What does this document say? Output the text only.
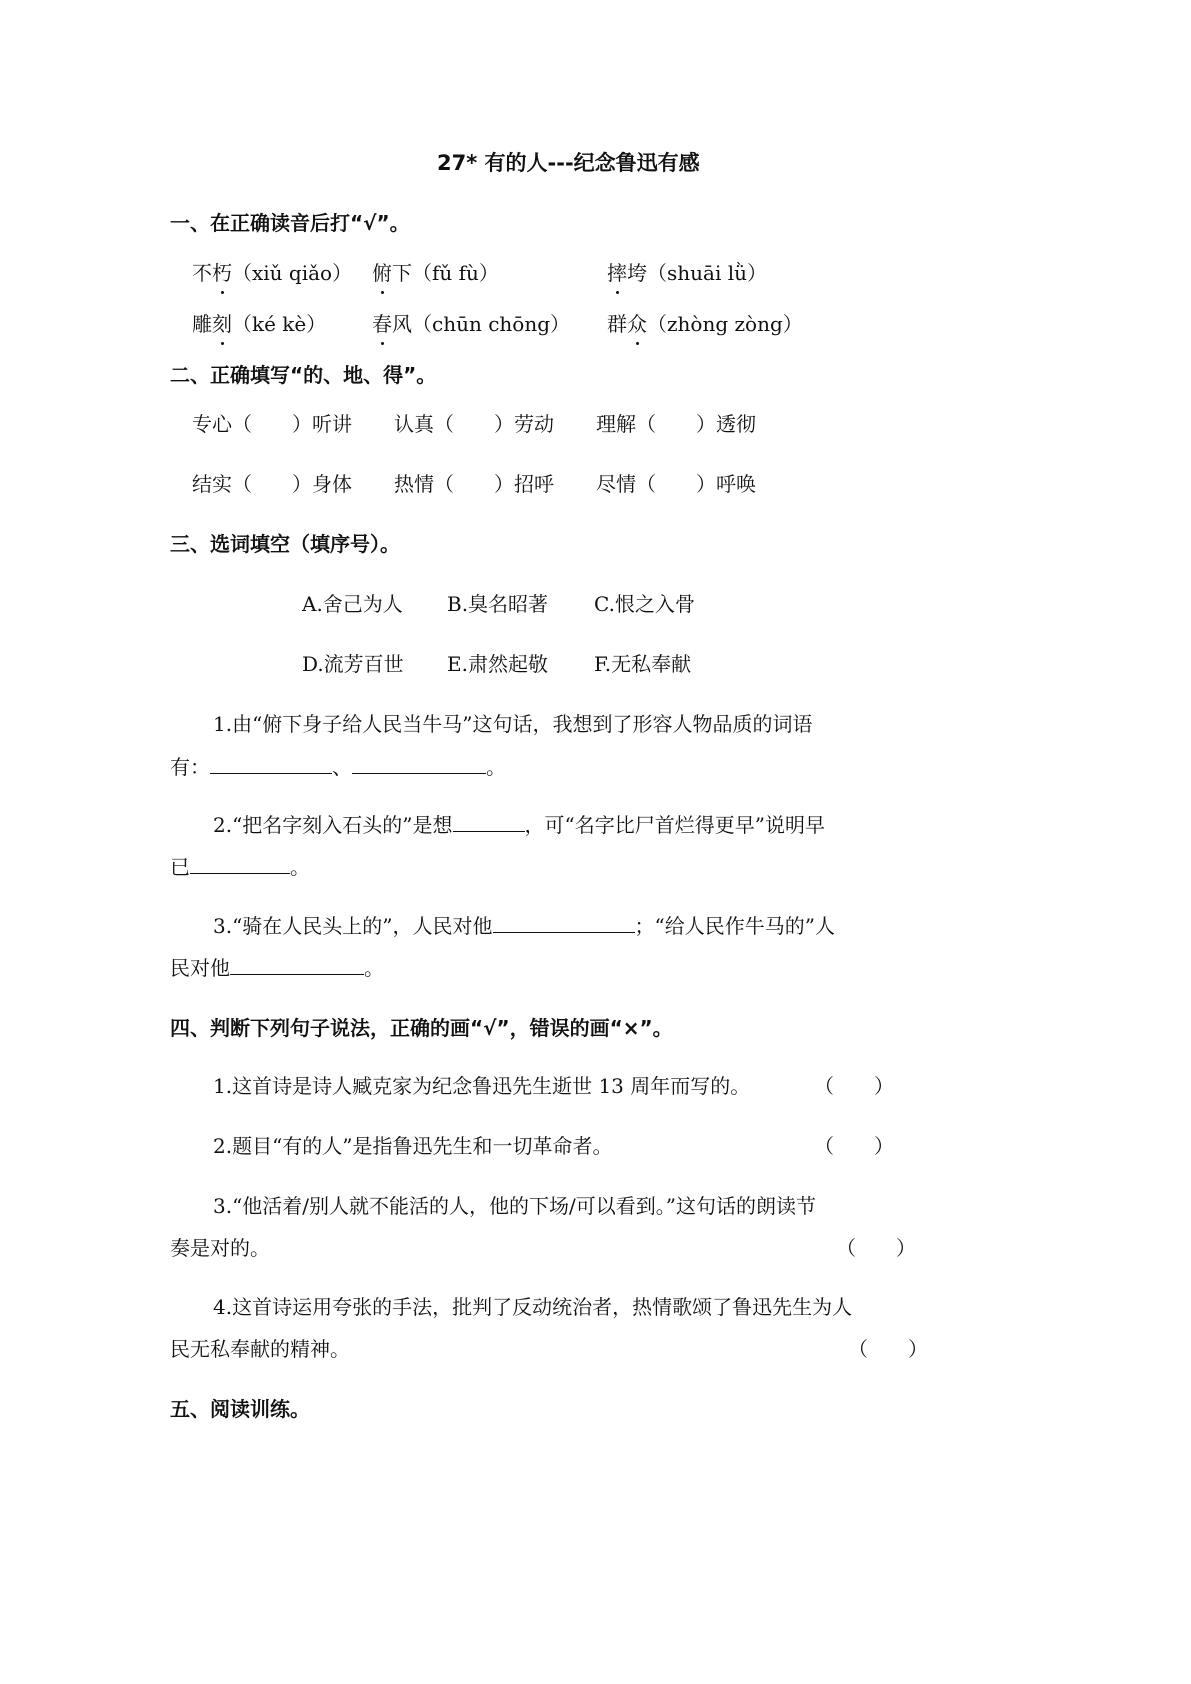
27* 有的人---纪念鲁迅有感
一、在正确读音后打“√”。
不朽（xiǔ qiǎo） 俯下（fǔ fù）	摔垮（shuāi lǜ）
雕刻（ké kè） 春风（chūn chōng） 群众（zhòng zòng）
二、正确填写“的、地、得”。
专心（　　）听讲 认真（　　）劳动 理解（　　）透彻
结实（　　）身体 热情（　　）招呼 尽情（　　）呼唤
三、选词填空（填序号）。
A.舍己为人 B.臭名昭著 C.恨之入骨
D.流芳百世 E.肃然起敬 F.无私奉献
1.由“俯下身子给人民当牛马”这句话，我想到了形容人物品质的词语
有：	、	。
2.“把名字刻入石头的”是想	，可“名字比尸首烂得更早”说明早
已	。
3.“骑在人民头上的”，人民对他	；“给人民作牛马的”人
民对他	。
四、判断下列句子说法，正确的画“√”，错误的画“×”。
1.这首诗是诗人臧克家为纪念鲁迅先生逝世 13 周年而写的。	（　　）
2.题目“有的人”是指鲁迅先生和一切革命者。	（　　）
3.“他活着/别人就不能活的人，他的下场/可以看到。”这句话的朗读节
奏是对的。	（　　）
4.这首诗运用夸张的手法，批判了反动统治者，热情歌颂了鲁迅先生为人
民无私奉献的精神。	（　　）
五、阅读训练。
